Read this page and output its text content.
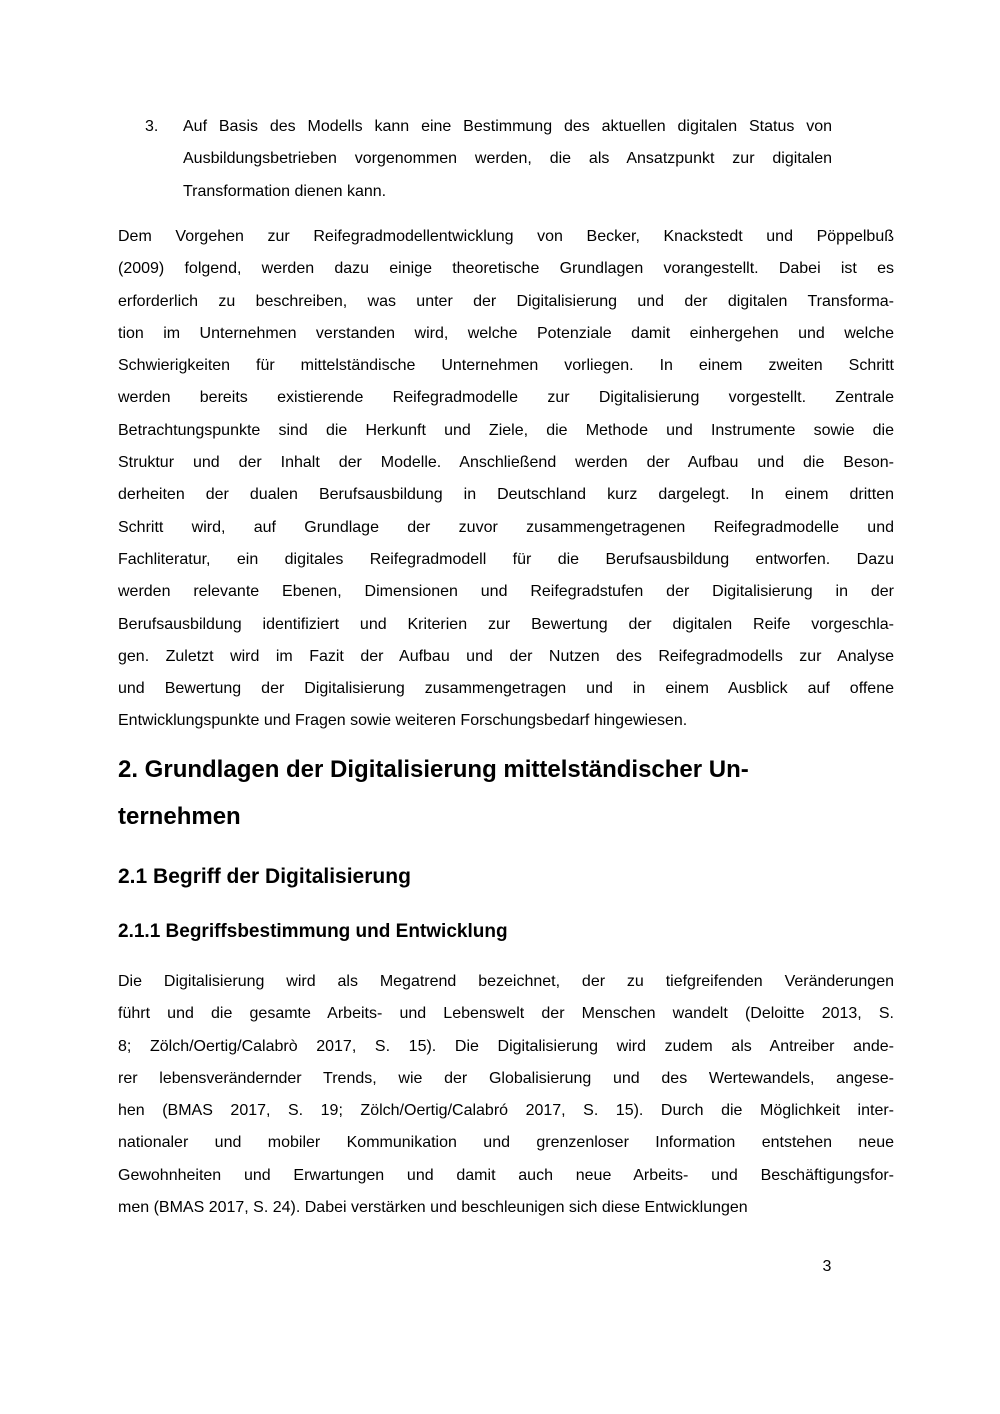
3. Auf Basis des Modells kann eine Bestimmung des aktuellen digitalen Status von
Ausbildungsbetrieben vorgenommen werden, die als Ansatzpunkt zur digitalen
Transformation dienen kann.
Dem Vorgehen zur Reifegradmodellentwicklung von Becker, Knackstedt und Pöppelbuß
(2009) folgend, werden dazu einige theoretische Grundlagen vorangestellt. Dabei ist es
erforderlich zu beschreiben, was unter der Digitalisierung und der digitalen Transforma-
tion im Unternehmen verstanden wird, welche Potenziale damit einhergehen und welche
Schwierigkeiten für mittelständische Unternehmen vorliegen. In einem zweiten Schritt
werden bereits existierende Reifegradmodelle zur Digitalisierung vorgestellt. Zentrale
Betrachtungspunkte sind die Herkunft und Ziele, die Methode und Instrumente sowie die
Struktur und der Inhalt der Modelle. Anschließend werden der Aufbau und die Beson-
derheiten der dualen Berufsausbildung in Deutschland kurz dargelegt. In einem dritten
Schritt wird, auf Grundlage der zuvor zusammengetragenen Reifegradmodelle und
Fachliteratur, ein digitales Reifegradmodell für die Berufsausbildung entworfen. Dazu
werden relevante Ebenen, Dimensionen und Reifegradstufen der Digitalisierung in der
Berufsausbildung identifiziert und Kriterien zur Bewertung der digitalen Reife vorgeschla-
gen. Zuletzt wird im Fazit der Aufbau und der Nutzen des Reifegradmodells zur Analyse
und Bewertung der Digitalisierung zusammengetragen und in einem Ausblick auf offene
Entwicklungspunkte und Fragen sowie weiteren Forschungsbedarf hingewiesen.
2. Grundlagen der Digitalisierung mittelständischer Un-
ternehmen
2.1 Begriff der Digitalisierung
2.1.1 Begriffsbestimmung und Entwicklung
Die Digitalisierung wird als Megatrend bezeichnet, der zu tiefgreifenden Veränderungen
führt und die gesamte Arbeits- und Lebenswelt der Menschen wandelt (Deloitte 2013, S.
8; Zölch/Oertig/Calabrò 2017, S. 15). Die Digitalisierung wird zudem als Antreiber ande-
rer lebensverändernder Trends, wie der Globalisierung und des Wertewandels, angese-
hen (BMAS 2017, S. 19; Zölch/Oertig/Calabró 2017, S. 15). Durch die Möglichkeit inter-
nationaler und mobiler Kommunikation und grenzenloser Information entstehen neue
Gewohnheiten und Erwartungen und damit auch neue Arbeits- und Beschäftigungsfor-
men (BMAS 2017, S. 24). Dabei verstärken und beschleunigen sich diese Entwicklungen
3
